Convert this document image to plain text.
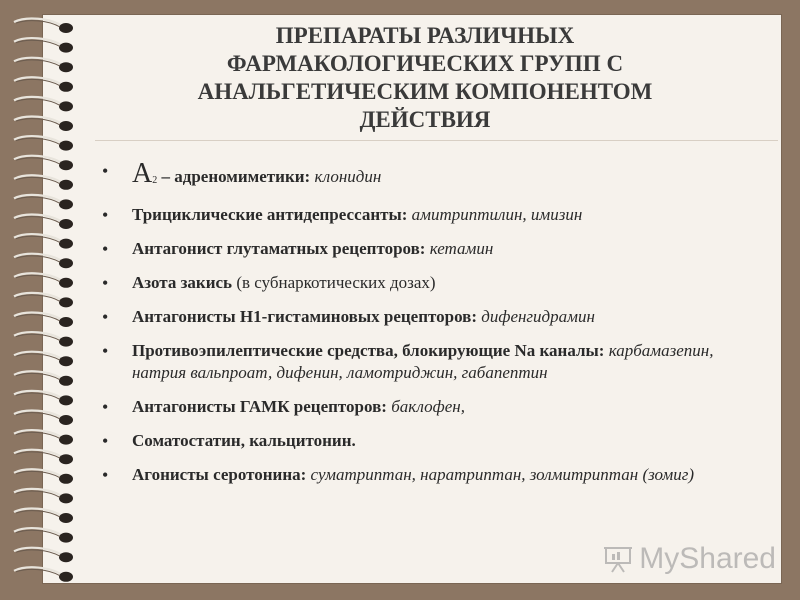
ПРЕПАРАТЫ РАЗЛИЧНЫХ
ФАРМАКОЛОГИЧЕСКИХ ГРУПП С
АНАЛЬГЕТИЧЕСКИМ КОМПОНЕНТОМ
ДЕЙСТВИЯ
• А2 – адреномиметики: клонидин
• Трициклические антидепрессанты: амитриптилин, имизин
• Антагонист глутаматных рецепторов: кетамин
• Азота закись (в субнаркотических дозах)
• Антагонисты Н1-гистаминовых рецепторов: дифенгидрамин
• Противоэпилептические средства, блокирующие Na каналы: карбамазепин, натрия вальпроат, дифенин, ламотриджин, габапептин
• Антагонисты ГАМК рецепторов: баклофен,
• Соматостатин, кальцитонин.
• Агонисты серотонина: суматриптан, наратриптан, золмитриптан (зомиг)
MyShared
